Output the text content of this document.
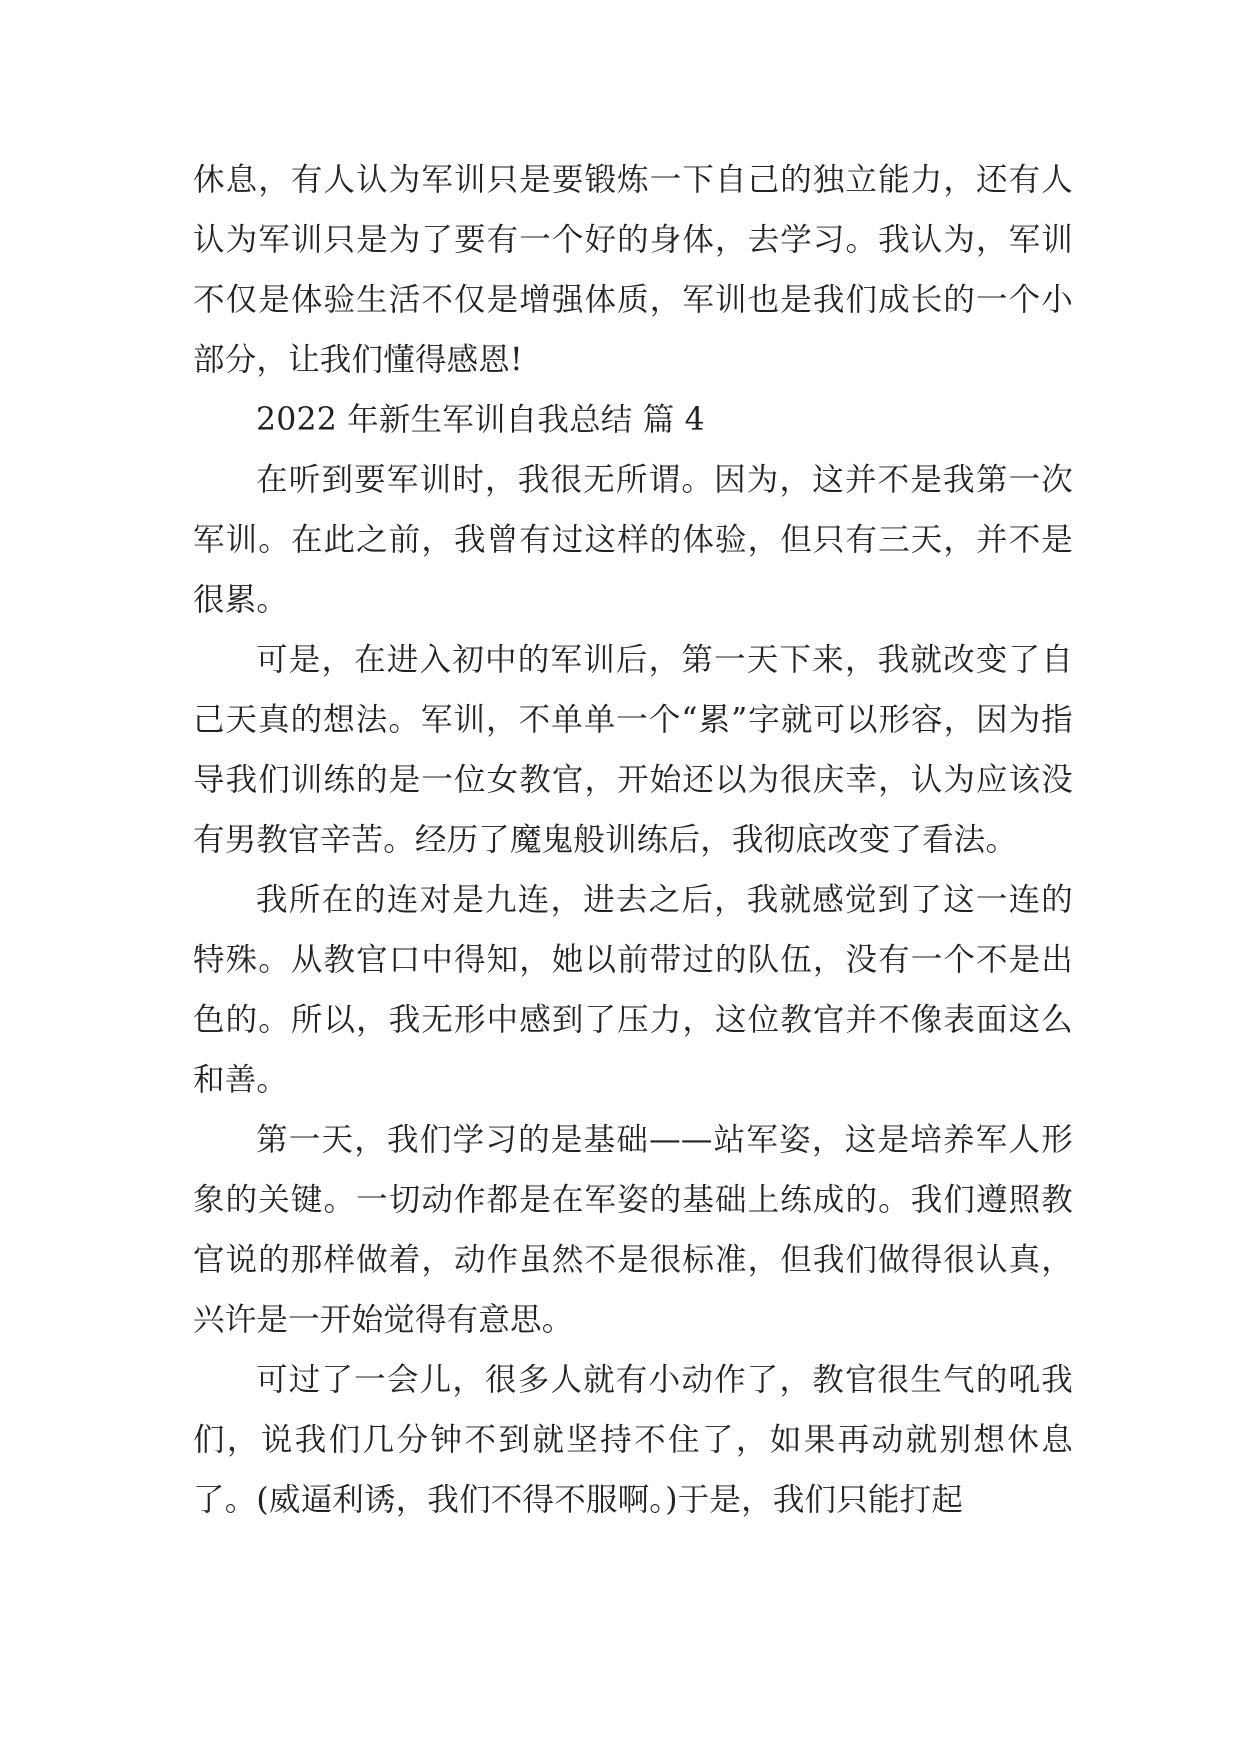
休息，有人认为军训只是要锻炼一下自己的独立能力，还有人认为军训只是为了要有一个好的身体，去学习。我认为，军训不仅是体验生活不仅是增强体质，军训也是我们成长的一个小部分，让我们懂得感恩!

2022 年新生军训自我总结 篇 4

在听到要军训时，我很无所谓。因为，这并不是我第一次军训。在此之前，我曾有过这样的体验，但只有三天，并不是很累。

可是，在进入初中的军训后，第一天下来，我就改变了自己天真的想法。军训，不单单一个“累”字就可以形容，因为指导我们训练的是一位女教官，开始还以为很庆幸，认为应该没有男教官辛苦。经历了魔鬼般训练后，我彻底改变了看法。

我所在的连对是九连，进去之后，我就感觉到了这一连的特殊。从教官口中得知，她以前带过的队伍，没有一个不是出色的。所以，我无形中感到了压力，这位教官并不像表面这么和善。

第一天，我们学习的是基础——站军姿，这是培养军人形象的关键。一切动作都是在军姿的基础上练成的。我们遵照教官说的那样做着，动作虽然不是很标准，但我们做得很认真，兴许是一开始觉得有意思。

可过了一会儿，很多人就有小动作了，教官很生气的吼我们，说我们几分钟不到就坚持不住了，如果再动就别想休息了。(威逼利诱，我们不得不服啊。)于是，我们只能打起
